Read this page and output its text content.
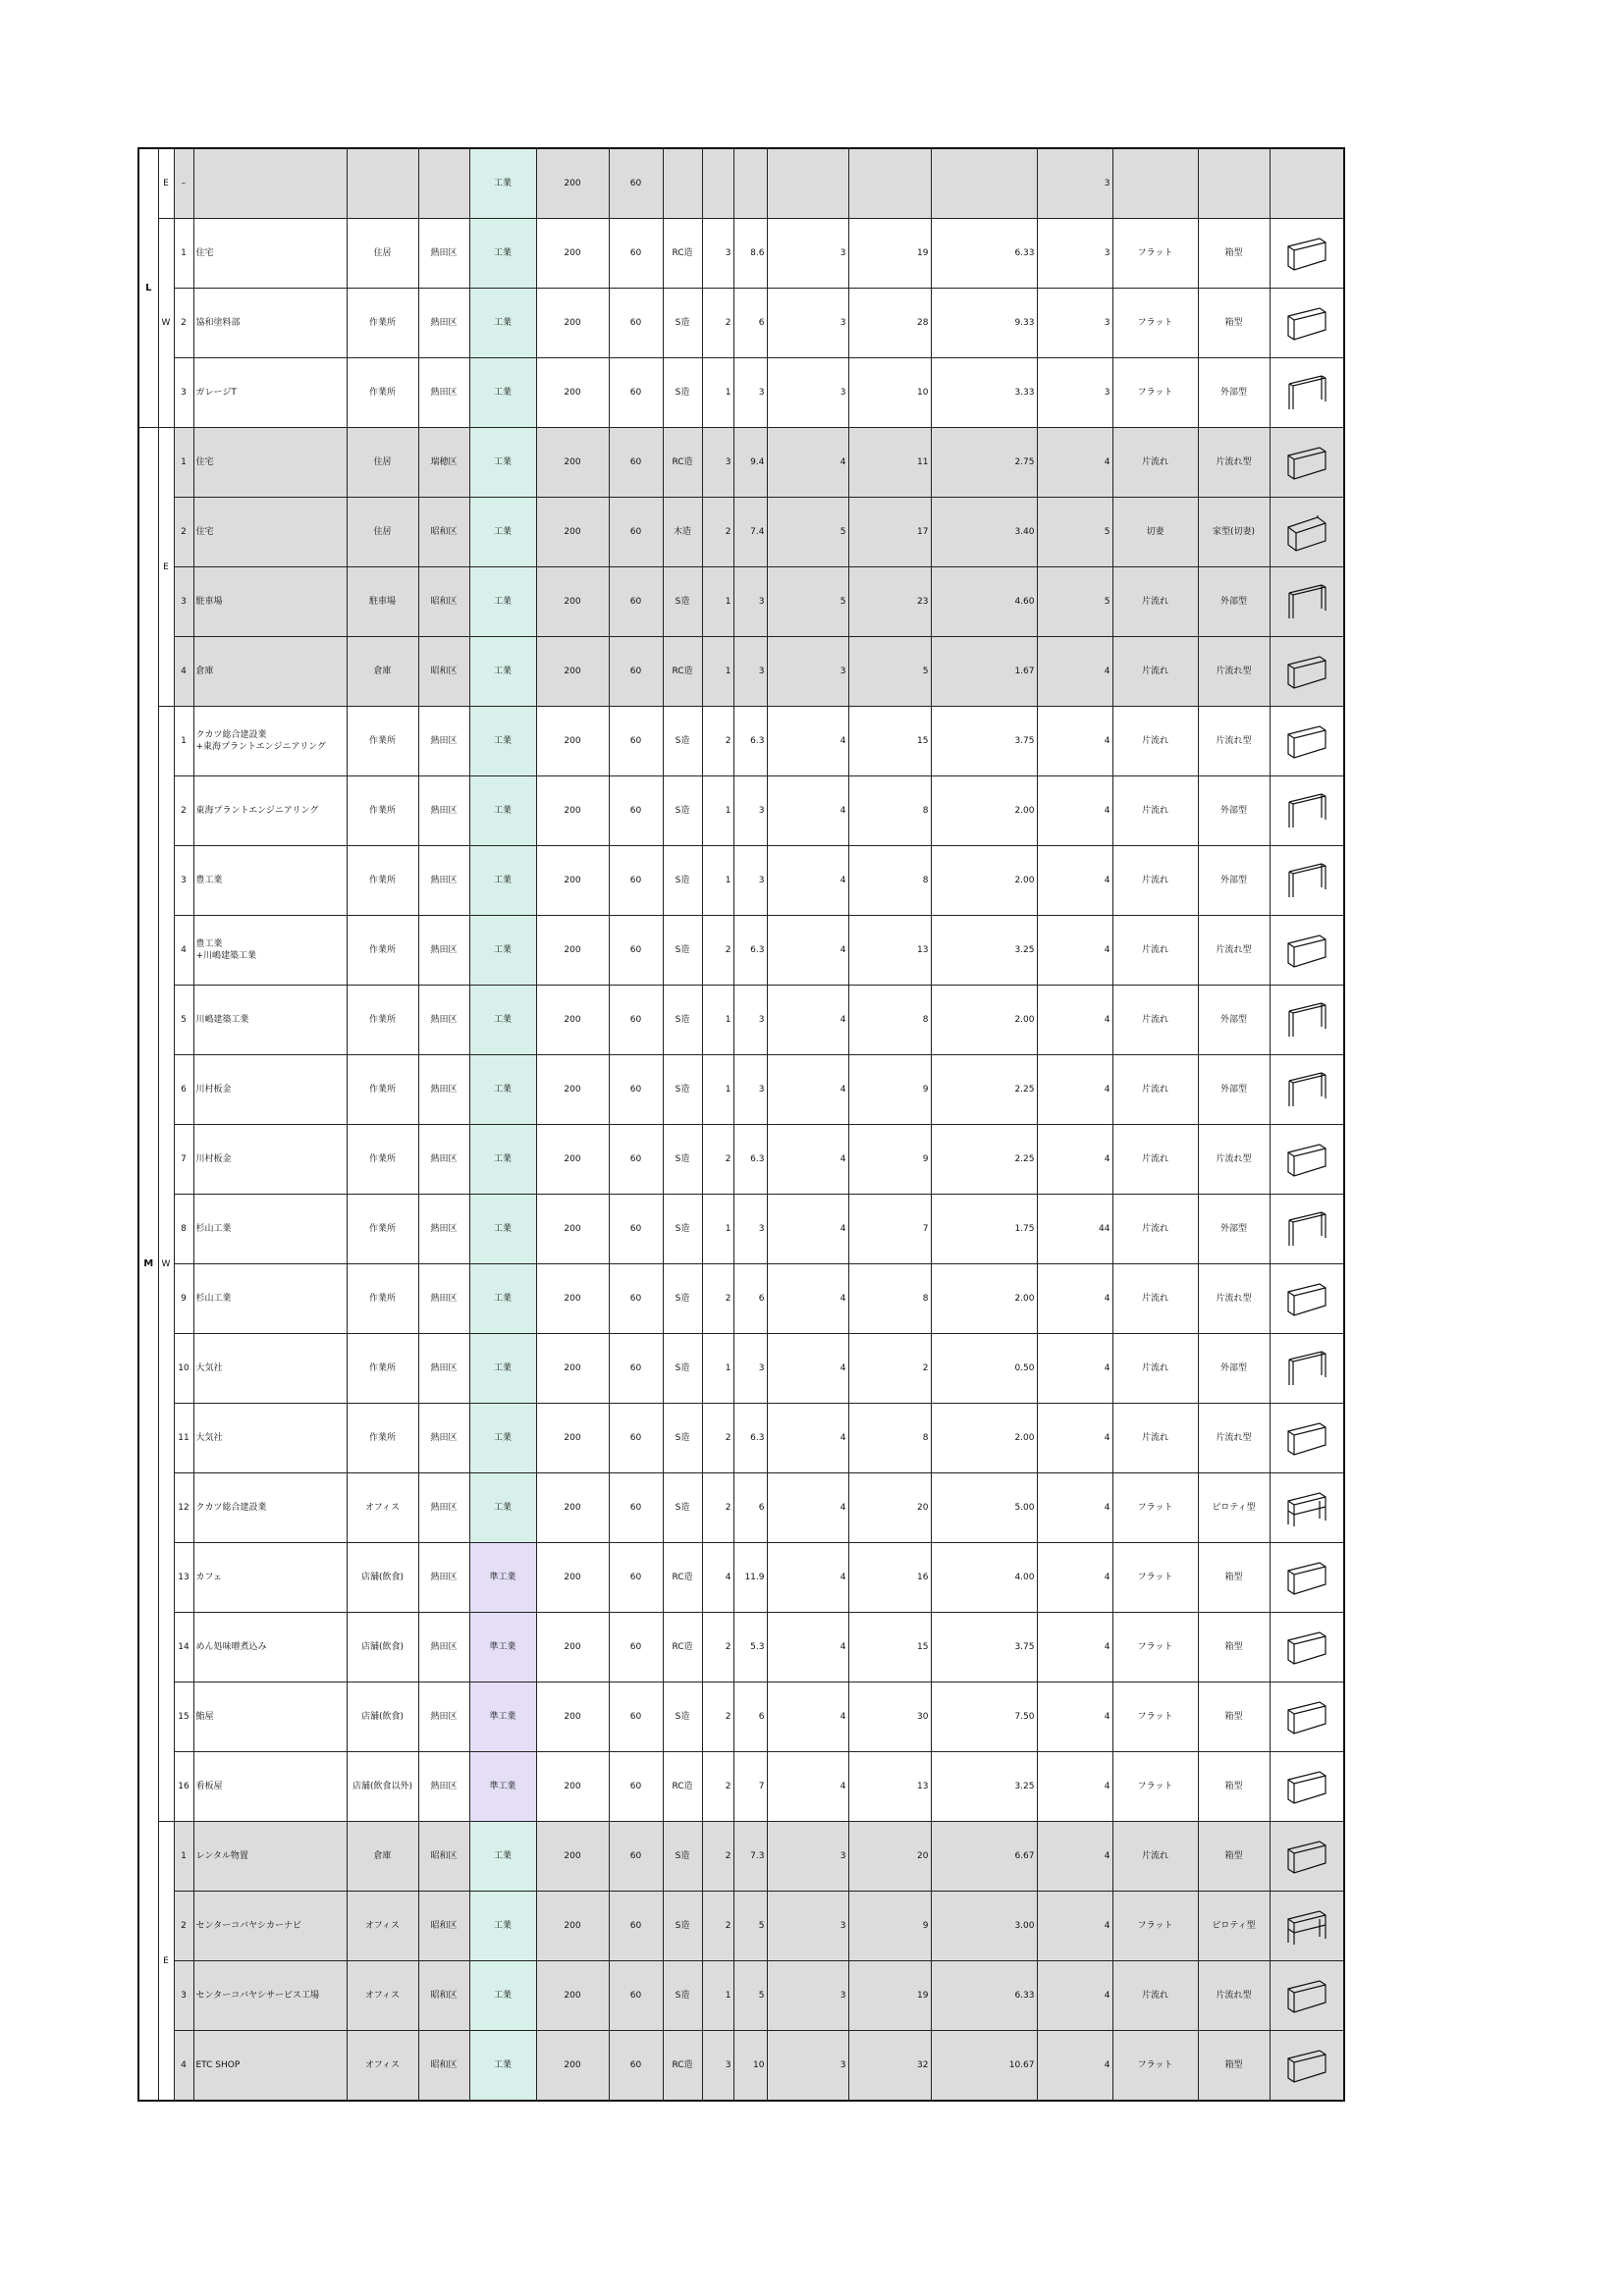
L	E	–				工業	200	60							3			
	W	1	住宅	住居	熱田区	工業	200	60	RC造	3	8.6	3	19	6.33	3	フラット	箱型	

		2	協和塗料部	作業所	熱田区	工業	200	60	S造	2	6	3	28	9.33	3	フラット	箱型	

		3	ガレージT	作業所	熱田区	工業	200	60	S造	1	3	3	10	3.33	3	フラット	外部型	

M	E	1	住宅	住居	瑞穂区	工業	200	60	RC造	3	9.4	4	11	2.75	4	片流れ	片流れ型	

		2	住宅	住居	昭和区	工業	200	60	木造	2	7.4	5	17	3.40	5	切妻	家型(切妻)	

		3	駐車場	駐車場	昭和区	工業	200	60	S造	1	3	5	23	4.60	5	片流れ	外部型	

		4	倉庫	倉庫	昭和区	工業	200	60	RC造	1	3	3	5	1.67	4	片流れ	片流れ型	

	W	1	クカツ総合建設業
+東海プラントエンジニアリング	作業所	熱田区	工業	200	60	S造	2	6.3	4	15	3.75	4	片流れ	片流れ型	

		2	東海プラントエンジニアリング	作業所	熱田区	工業	200	60	S造	1	3	4	8	2.00	4	片流れ	外部型	

		3	豊工業	作業所	熱田区	工業	200	60	S造	1	3	4	8	2.00	4	片流れ	外部型	

		4	豊工業
+川嶋建築工業	作業所	熱田区	工業	200	60	S造	2	6.3	4	13	3.25	4	片流れ	片流れ型	

		5	川嶋建築工業	作業所	熱田区	工業	200	60	S造	1	3	4	8	2.00	4	片流れ	外部型	

		6	川村板金	作業所	熱田区	工業	200	60	S造	1	3	4	9	2.25	4	片流れ	外部型	

		7	川村板金	作業所	熱田区	工業	200	60	S造	2	6.3	4	9	2.25	4	片流れ	片流れ型	

		8	杉山工業	作業所	熱田区	工業	200	60	S造	1	3	4	7	1.75	44	片流れ	外部型	

		9	杉山工業	作業所	熱田区	工業	200	60	S造	2	6	4	8	2.00	4	片流れ	片流れ型	

		10	大気社	作業所	熱田区	工業	200	60	S造	1	3	4	2	0.50	4	片流れ	外部型	

		11	大気社	作業所	熱田区	工業	200	60	S造	2	6.3	4	8	2.00	4	片流れ	片流れ型	

		12	クカツ総合建設業	オフィス	熱田区	工業	200	60	S造	2	6	4	20	5.00	4	フラット	ピロティ型	

		13	カフェ	店舗(飲食)	熱田区	準工業	200	60	RC造	4	11.9	4	16	4.00	4	フラット	箱型	

		14	めん処味噌煮込み	店舗(飲食)	熱田区	準工業	200	60	RC造	2	5.3	4	15	3.75	4	フラット	箱型	

		15	鮨屋	店舗(飲食)	熱田区	準工業	200	60	S造	2	6	4	30	7.50	4	フラット	箱型	

		16	看板屋	店舗(飲食以外)	熱田区	準工業	200	60	RC造	2	7	4	13	3.25	4	フラット	箱型	

	E	1	レンタル物置	倉庫	昭和区	工業	200	60	S造	2	7.3	3	20	6.67	4	片流れ	箱型	

		2	センターコバヤシカーナビ	オフィス	昭和区	工業	200	60	S造	2	5	3	9	3.00	4	フラット	ピロティ型	

		3	センターコバヤシサービス工場	オフィス	昭和区	工業	200	60	S造	1	5	3	19	6.33	4	片流れ	片流れ型	

		4	ETC SHOP	オフィス	昭和区	工業	200	60	RC造	3	10	3	32	10.67	4	フラット	箱型	
